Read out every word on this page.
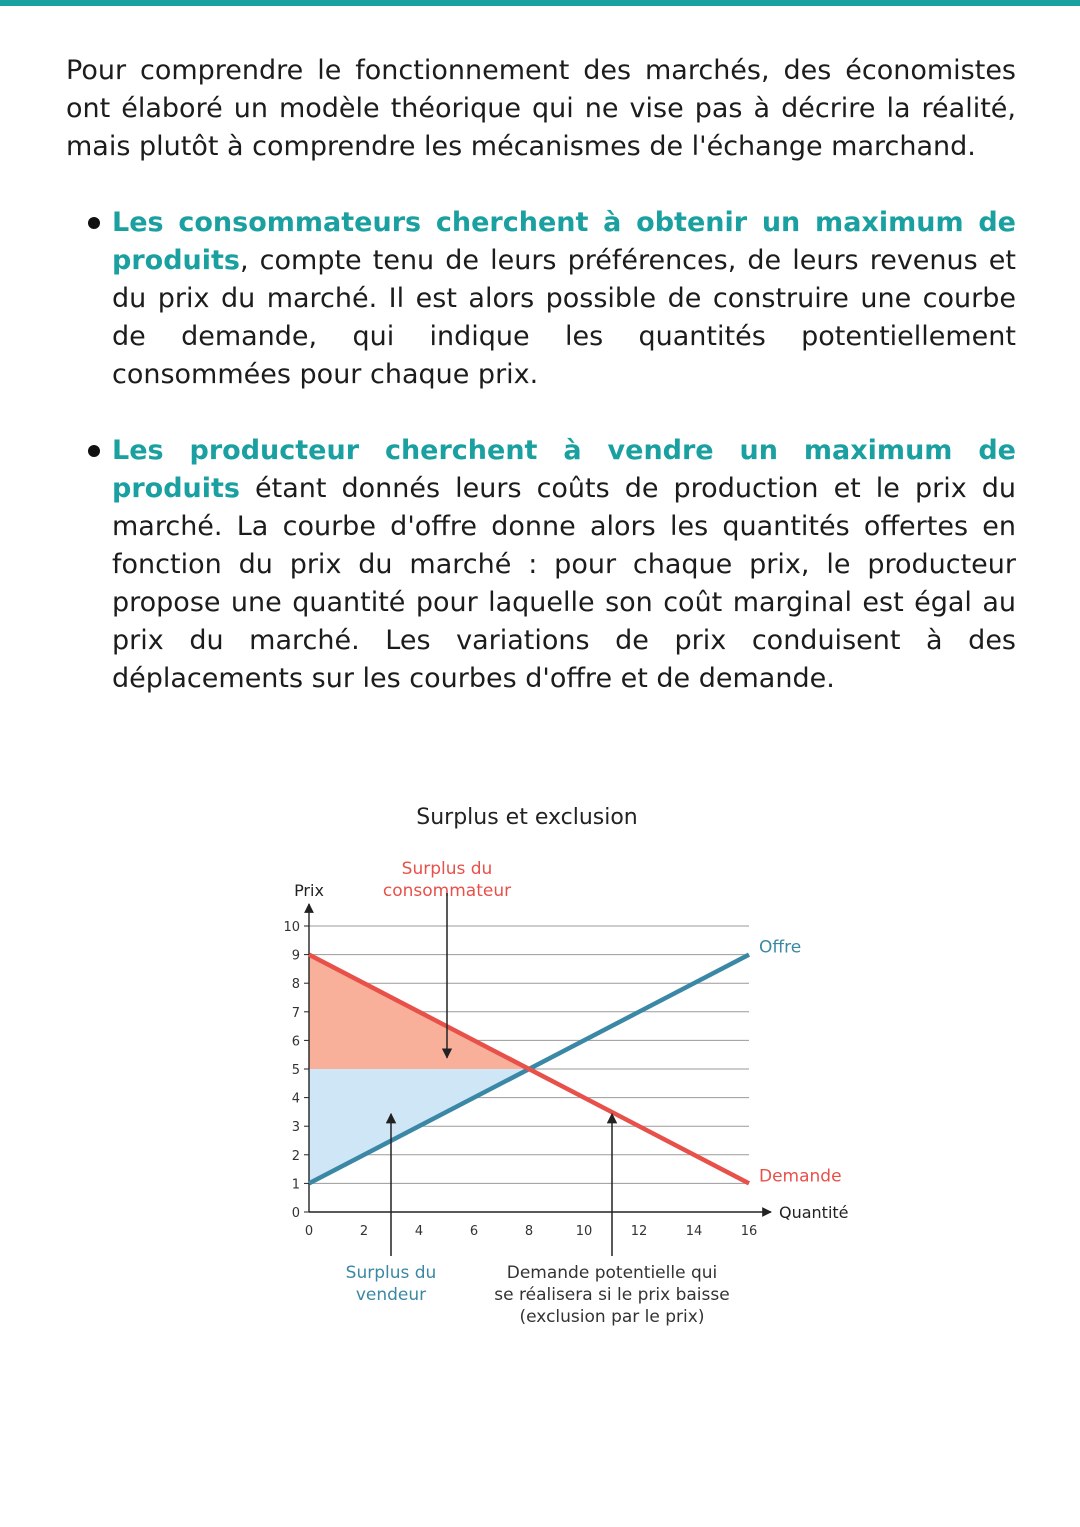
Pour comprendre le fonctionnement des marchés, des économistes ont élaboré un modèle théorique qui ne vise pas à décrire la réalité, mais plutôt à comprendre les mécanismes de l'échange marchand.

Les consommateurs cherchent à obtenir un maximum de produits, compte tenu de leurs préférences, de leurs revenus et du prix du marché. Il est alors possible de construire une courbe de demande, qui indique les quantités potentiellement consommées pour chaque prix.
Les producteur cherchent à vendre un maximum de produits étant donnés leurs coûts de production et le prix du marché. La courbe d'offre donne alors les quantités offertes en fonction du prix du marché : pour chaque prix, le producteur propose une quantité pour laquelle son coût marginal est égal au prix du marché. Les variations de prix conduisent à des déplacements sur les courbes d'offre et de demande.
Surplus et exclusion
0
1
2
3
4
5
6
7
8
9
10
0	2	4	6	8	10	12	14	16
Prix
Quantité
Offre
Demande
Surplus du
consommateur
Surplus du
vendeur
Demande potentielle qui
se réalisera si le prix baisse
(exclusion par le prix)
